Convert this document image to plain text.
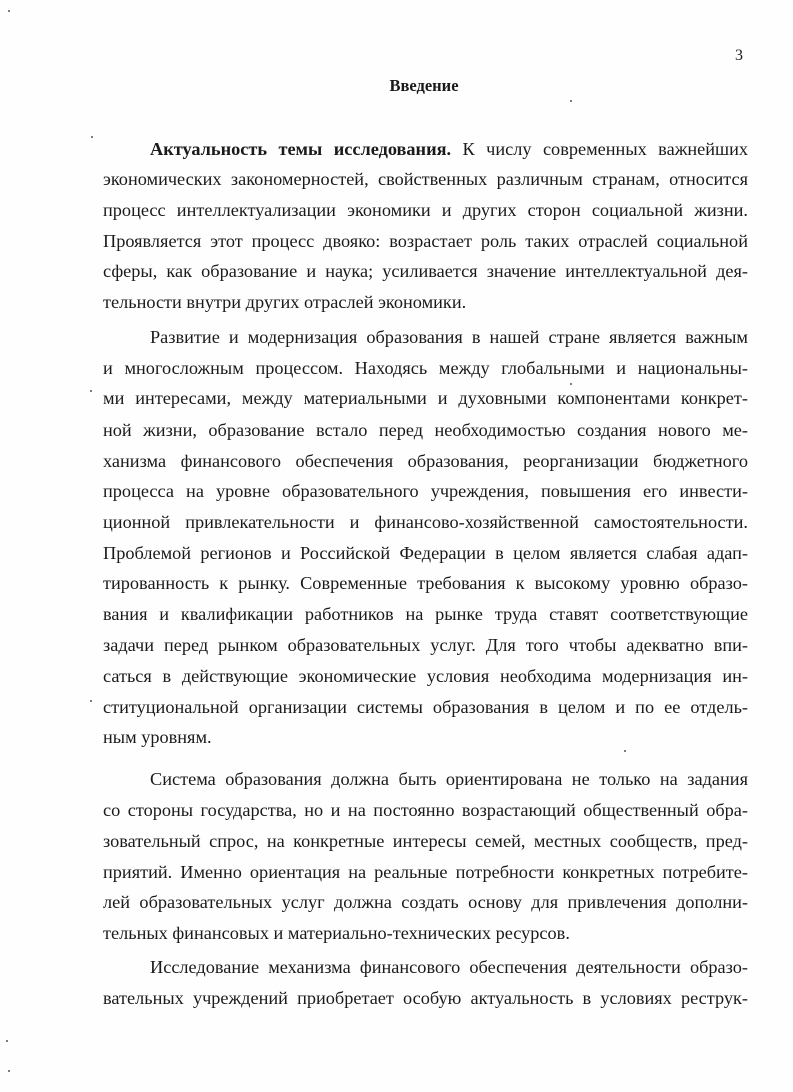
3
Введение
Актуальность темы исследования. К числу современных важнейших
экономических закономерностей, свойственных различным странам, относится
процесс интеллектуализации экономики и других сторон социальной жизни.
Проявляется этот процесс двояко: возрастает роль таких отраслей социальной
сферы, как образование и наука; усиливается значение интеллектуальной дея-
тельности внутри других отраслей экономики.
Развитие и модернизация образования в нашей стране является важным
и многосложным процессом. Находясь между глобальными и национальны-
ми интересами, между материальными и духовными компонентами конкрет-
ной жизни, образование встало перед необходимостью создания нового ме-
ханизма финансового обеспечения образования, реорганизации бюджетного
процесса на уровне образовательного учреждения, повышения его инвести-
ционной привлекательности и финансово-хозяйственной самостоятельности.
Проблемой регионов и Российской Федерации в целом является слабая адап-
тированность к рынку. Современные требования к высокому уровню образо-
вания и квалификации работников на рынке труда ставят соответствующие
задачи перед рынком образовательных услуг. Для того чтобы адекватно впи-
саться в действующие экономические условия необходима модернизация ин-
ституциональной организации системы образования в целом и по ее отдель-
ным уровням.
Система образования должна быть ориентирована не только на задания
со стороны государства, но и на постоянно возрастающий общественный обра-
зовательный спрос, на конкретные интересы семей, местных сообществ, пред-
приятий. Именно ориентация на реальные потребности конкретных потребите-
лей образовательных услуг должна создать основу для привлечения дополни-
тельных финансовых и материально-технических ресурсов.
Исследование механизма финансового обеспечения деятельности образо-
вательных учреждений приобретает особую актуальность в условиях реструк-
